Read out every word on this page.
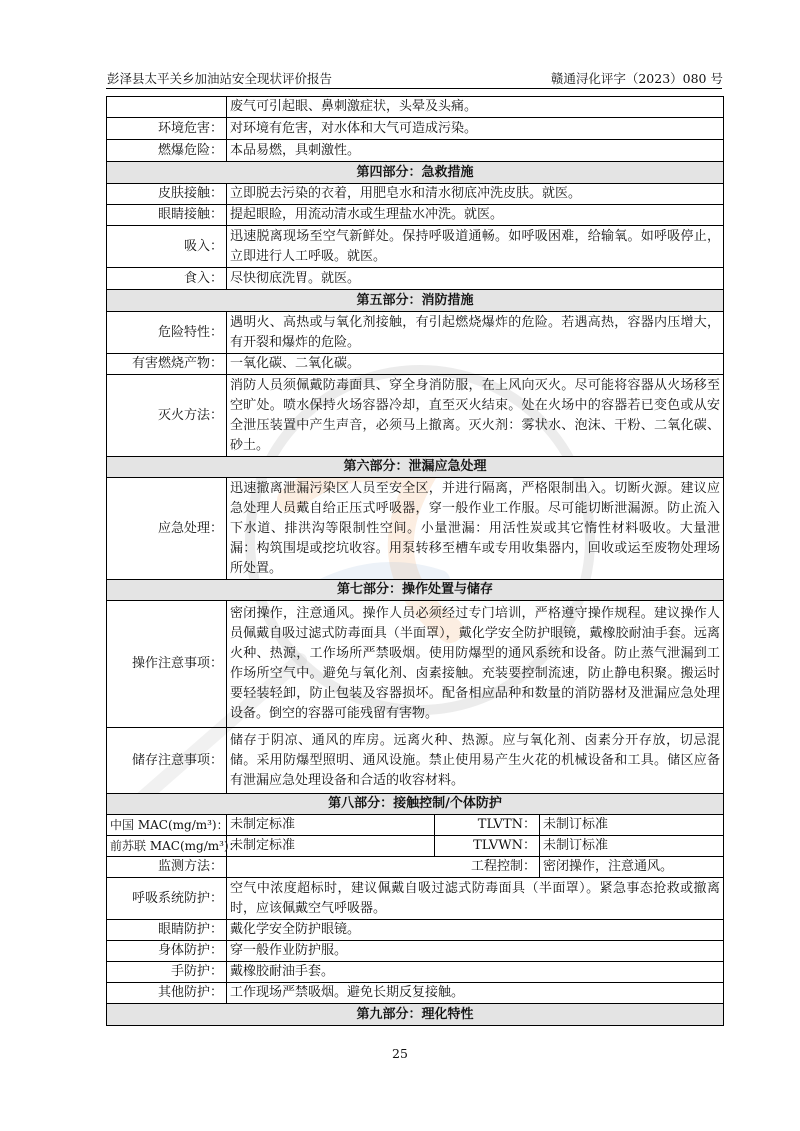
彭泽县太平关乡加油站安全现状评价报告	赣通浔化评字（2023）080 号
	废气可引起眼、鼻刺激症状，头晕及头痛。		
环境危害：	对环境有危害，对水体和大气可造成污染。		
燃爆危险：	本品易燃，具刺激性。		
第四部分：急救措施			
皮肤接触：	立即脱去污染的衣着，用肥皂水和清水彻底冲洗皮肤。就医。		
眼睛接触：	提起眼睑，用流动清水或生理盐水冲洗。就医。		
吸入：	迅速脱离现场至空气新鲜处。保持呼吸道通畅。如呼吸困难，给输氧。如呼吸停止，立即进行人工呼吸。就医。		
食入：	尽快彻底洗胃。就医。		
第五部分：消防措施			
危险特性：	遇明火、高热或与氧化剂接触，有引起燃烧爆炸的危险。若遇高热，容器内压增大，有开裂和爆炸的危险。		
有害燃烧产物：	一氧化碳、二氧化碳。		
灭火方法：	消防人员须佩戴防毒面具、穿全身消防服，在上风向灭火。尽可能将容器从火场移至空旷处。喷水保持火场容器冷却，直至灭火结束。处在火场中的容器若已变色或从安全泄压装置中产生声音，必须马上撤离。灭火剂：雾状水、泡沫、干粉、二氧化碳、砂土。		
第六部分：泄漏应急处理			
应急处理：	迅速撤离泄漏污染区人员至安全区，并进行隔离，严格限制出入。切断火源。建议应急处理人员戴自给正压式呼吸器，穿一般作业工作服。尽可能切断泄漏源。防止流入下水道、排洪沟等限制性空间。小量泄漏：用活性炭或其它惰性材料吸收。大量泄漏：构筑围堤或挖坑收容。用泵转移至槽车或专用收集器内，回收或运至废物处理场所处置。		
第七部分：操作处置与储存			
操作注意事项：	密闭操作，注意通风。操作人员必须经过专门培训，严格遵守操作规程。建议操作人员佩戴自吸过滤式防毒面具（半面罩），戴化学安全防护眼镜，戴橡胶耐油手套。远离火种、热源，工作场所严禁吸烟。使用防爆型的通风系统和设备。防止蒸气泄漏到工作场所空气中。避免与氧化剂、卤素接触。充装要控制流速，防止静电积聚。搬运时要轻装轻卸，防止包装及容器损坏。配备相应品种和数量的消防器材及泄漏应急处理设备。倒空的容器可能残留有害物。		
储存注意事项：	储存于阴凉、通风的库房。远离火种、热源。应与氧化剂、卤素分开存放，切忌混储。采用防爆型照明、通风设施。禁止使用易产生火花的机械设备和工具。储区应备有泄漏应急处理设备和合适的收容材料。		
第八部分：接触控制/个体防护			
中国 MAC(mg/m³)：	未制定标准	TLVTN：	未制订标准
前苏联 MAC(mg/m³)：	未制定标准	TLVWN：	未制订标准
监测方法：		工程控制：	密闭操作，注意通风。
呼吸系统防护：	空气中浓度超标时，建议佩戴自吸过滤式防毒面具（半面罩）。紧急事态抢救或撤离时，应该佩戴空气呼吸器。		
眼睛防护：	戴化学安全防护眼镜。		
身体防护：	穿一般作业防护服。		
手防护：	戴橡胶耐油手套。		
其他防护：	工作现场严禁吸烟。避免长期反复接触。		
第九部分：理化特性			
25
